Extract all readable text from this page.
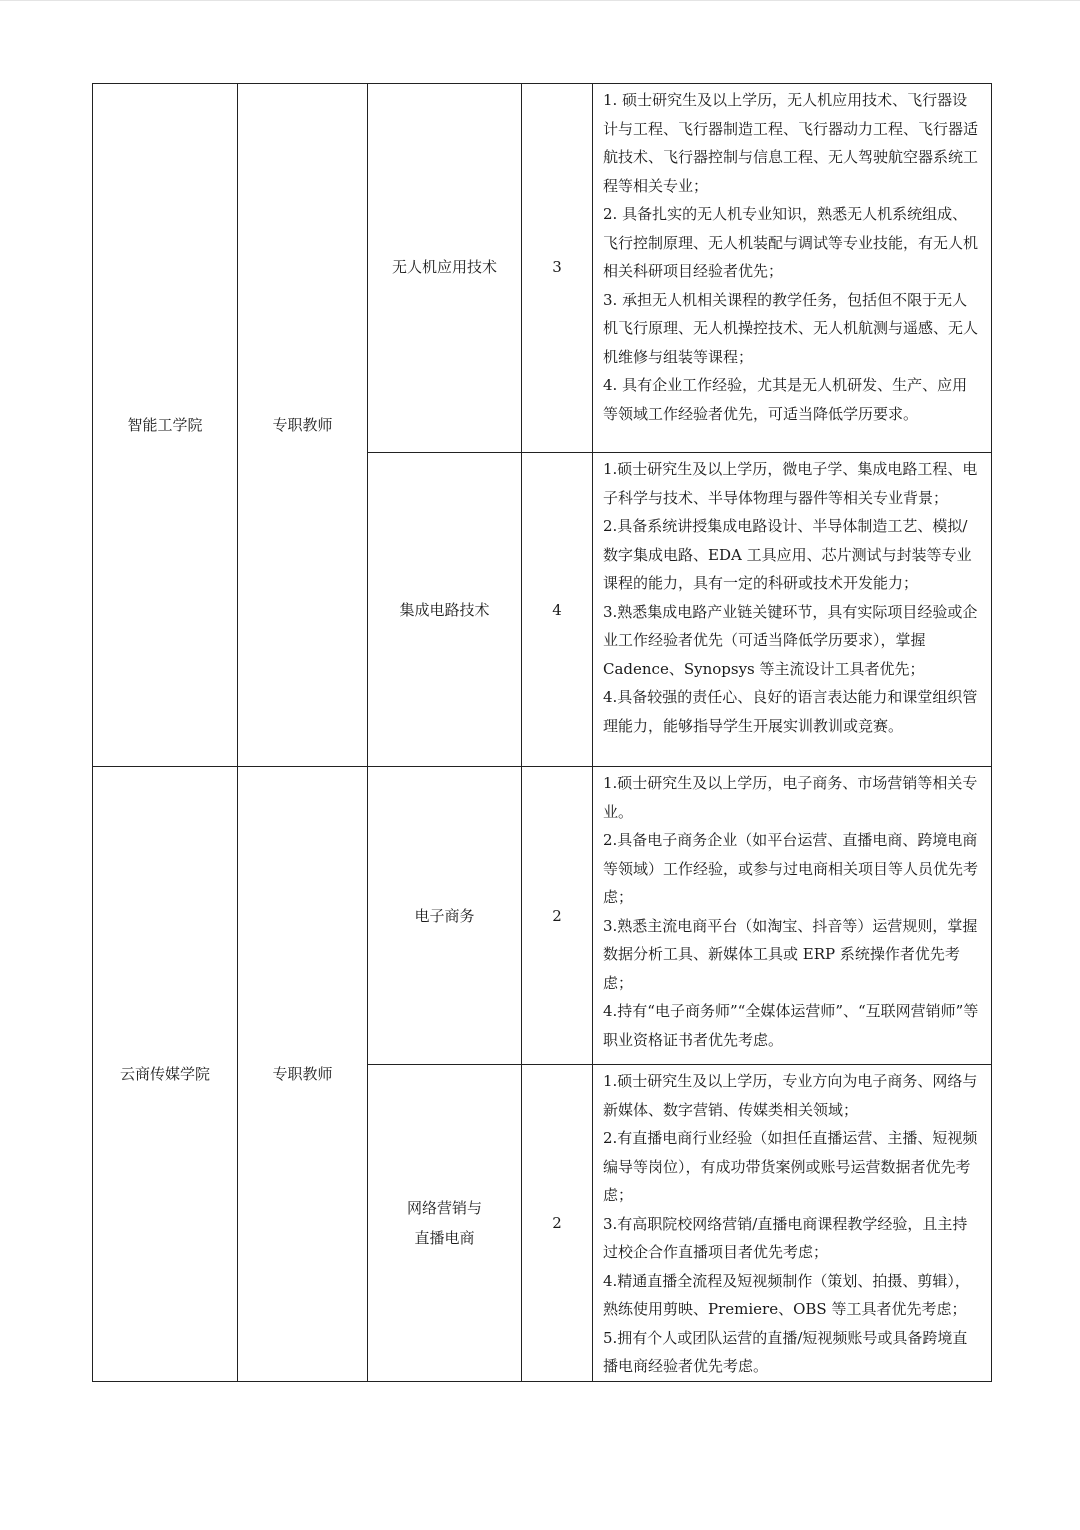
智能工学院	专职教师	无人机应用技术	3	1. 硕士研究生及以上学历，无人机应用技术、飞行器设计与工程、飞行器制造工程、飞行器动力工程、飞行器适航技术、飞行器控制与信息工程、无人驾驶航空器系统工程等相关专业；
2. 具备扎实的无人机专业知识，熟悉无人机系统组成、飞行控制原理、无人机装配与调试等专业技能，有无人机相关科研项目经验者优先；
3. 承担无人机相关课程的教学任务，包括但不限于无人机飞行原理、无人机操控技术、无人机航测与遥感、无人机维修与组装等课程；
4. 具有企业工作经验，尤其是无人机研发、生产、应用等领域工作经验者优先，可适当降低学历要求。

		集成电路技术	4	1.硕士研究生及以上学历，微电子学、集成电路工程、电子科学与技术、半导体物理与器件等相关专业背景；
2.具备系统讲授集成电路设计、半导体制造工艺、模拟/数字集成电路、EDA 工具应用、芯片测试与封装等专业课程的能力，具有一定的科研或技术开发能力；
3.熟悉集成电路产业链关键环节，具有实际项目经验或企业工作经验者优先（可适当降低学历要求），掌握 Cadence、Synopsys 等主流设计工具者优先；
4.具备较强的责任心、良好的语言表达能力和课堂组织管理能力，能够指导学生开展实训教训或竞赛。

云商传媒学院	专职教师	电子商务	2	1.硕士研究生及以上学历，电子商务、市场营销等相关专业。
2.具备电子商务企业（如平台运营、直播电商、跨境电商等领域）工作经验，或参与过电商相关项目等人员优先考虑；
3.熟悉主流电商平台（如淘宝、抖音等）运营规则，掌握数据分析工具、新媒体工具或 ERP 系统操作者优先考虑；
4.持有“电子商务师”“全媒体运营师”、“互联网营销师”等职业资格证书者优先考虑。

		网络营销与
直播电商	2	1.硕士研究生及以上学历，专业方向为电子商务、网络与新媒体、数字营销、传媒类相关领域；
2.有直播电商行业经验（如担任直播运营、主播、短视频编导等岗位），有成功带货案例或账号运营数据者优先考虑；
3.有高职院校网络营销/直播电商课程教学经验，且主持过校企合作直播项目者优先考虑；
4.精通直播全流程及短视频制作（策划、拍摄、剪辑），熟练使用剪映、Premiere、OBS 等工具者优先考虑；
5.拥有个人或团队运营的直播/短视频账号或具备跨境直播电商经验者优先考虑。
